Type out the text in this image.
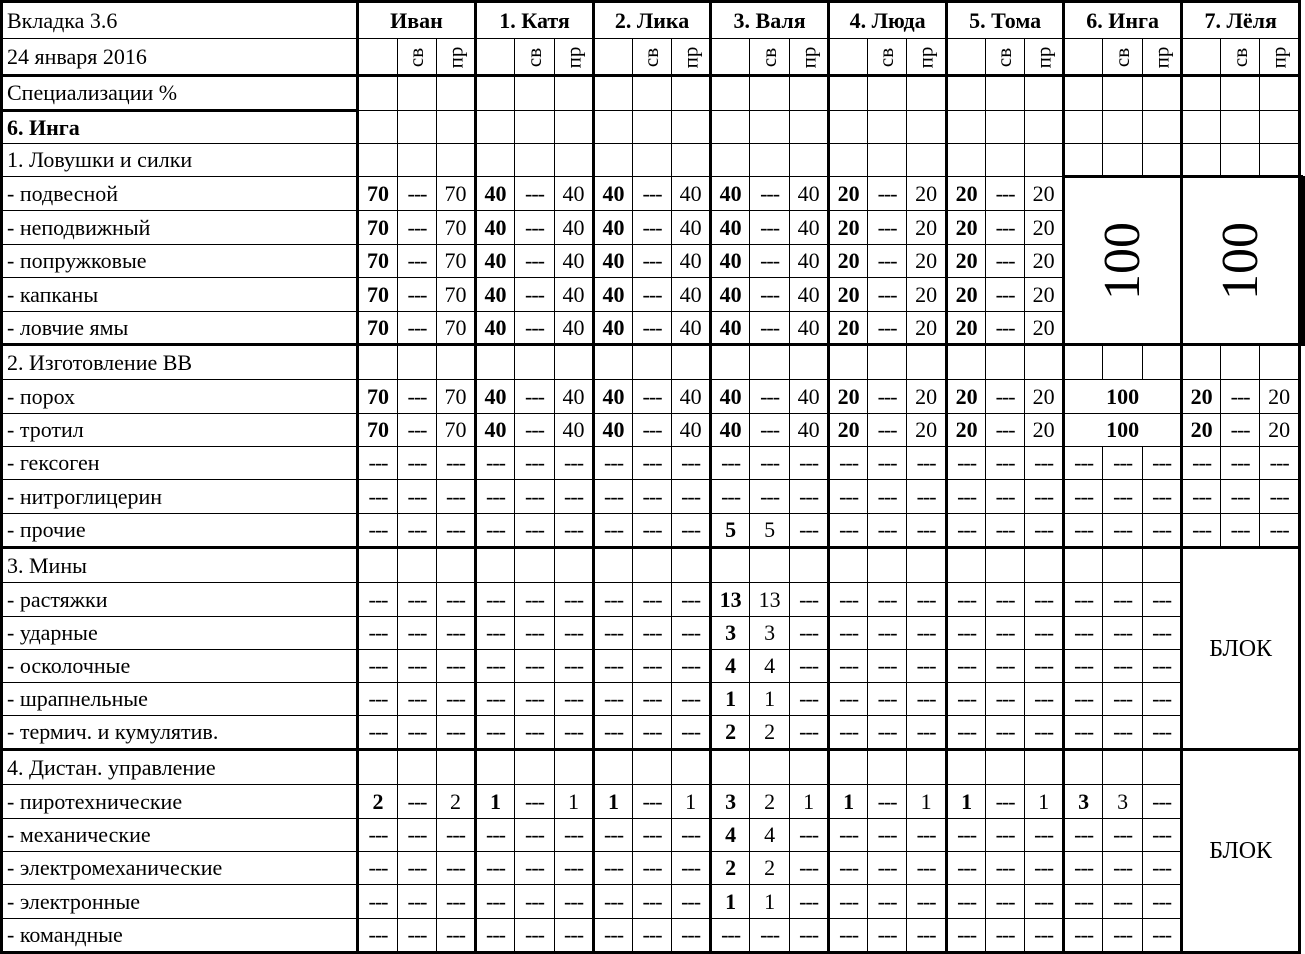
Вкладка 3.6	Иван			1. Катя			2. Лика			3. Валя			4. Люда			5. Тома			6. Инга			7. Лёля				
24 января 2016		св	пр		св	пр		св	пр		св	пр		св	пр		св	пр		св	пр		св	пр		
Специализации %																										
6. Инга																										
1. Ловушки и силки																										
- подвесной	70	---	70	40	---	40	40	---	40	40	---	40	20	---	20	20	---	20	100			100				
- неподвижный	70	---	70	40	---	40	40	---	40	40	---	40	20	---	20	20	---	20			
- попружковые	70	---	70	40	---	40	40	---	40	40	---	40	20	---	20	20	---	20			
- капканы	70	---	70	40	---	40	40	---	40	40	---	40	20	---	20	20	---	20			
- ловчие ямы	70	---	70	40	---	40	40	---	40	40	---	40	20	---	20	20	---	20			
2. Изготовление ВВ																										
- порох	70	---	70	40	---	40	40	---	40	40	---	40	20	---	20	20	---	20	100			20	---	20		
- тротил	70	---	70	40	---	40	40	---	40	40	---	40	20	---	20	20	---	20	100			20	---	20		
- гексоген	---	---	---	---	---	---	---	---	---	---	---	---	---	---	---	---	---	---	---	---	---	---	---	---		
- нитроглицерин	---	---	---	---	---	---	---	---	---	---	---	---	---	---	---	---	---	---	---	---	---	---	---	---		
- прочие	---	---	---	---	---	---	---	---	---	5	5	---	---	---	---	---	---	---	---	---	---	---	---	---		
3. Мины																						БЛОК				
- растяжки	---	---	---	---	---	---	---	---	---	13	13	---	---	---	---	---	---	---	---	---	---					
- ударные	---	---	---	---	---	---	---	---	---	3	3	---	---	---	---	---	---	---	---	---	---					
- осколочные	---	---	---	---	---	---	---	---	---	4	4	---	---	---	---	---	---	---	---	---	---					
- шрапнельные	---	---	---	---	---	---	---	---	---	1	1	---	---	---	---	---	---	---	---	---	---					
- термич. и кумулятив.	---	---	---	---	---	---	---	---	---	2	2	---	---	---	---	---	---	---	---	---	---					
4. Дистан. управление																						БЛОК				
- пиротехнические	2	---	2	1	---	1	1	---	1	3	2	1	1	---	1	1	---	1	3	3	---					
- механические	---	---	---	---	---	---	---	---	---	4	4	---	---	---	---	---	---	---	---	---	---					
- электромеханические	---	---	---	---	---	---	---	---	---	2	2	---	---	---	---	---	---	---	---	---	---					
- электронные	---	---	---	---	---	---	---	---	---	1	1	---	---	---	---	---	---	---	---	---	---					
- командные	---	---	---	---	---	---	---	---	---	---	---	---	---	---	---	---	---	---	---	---	---					
